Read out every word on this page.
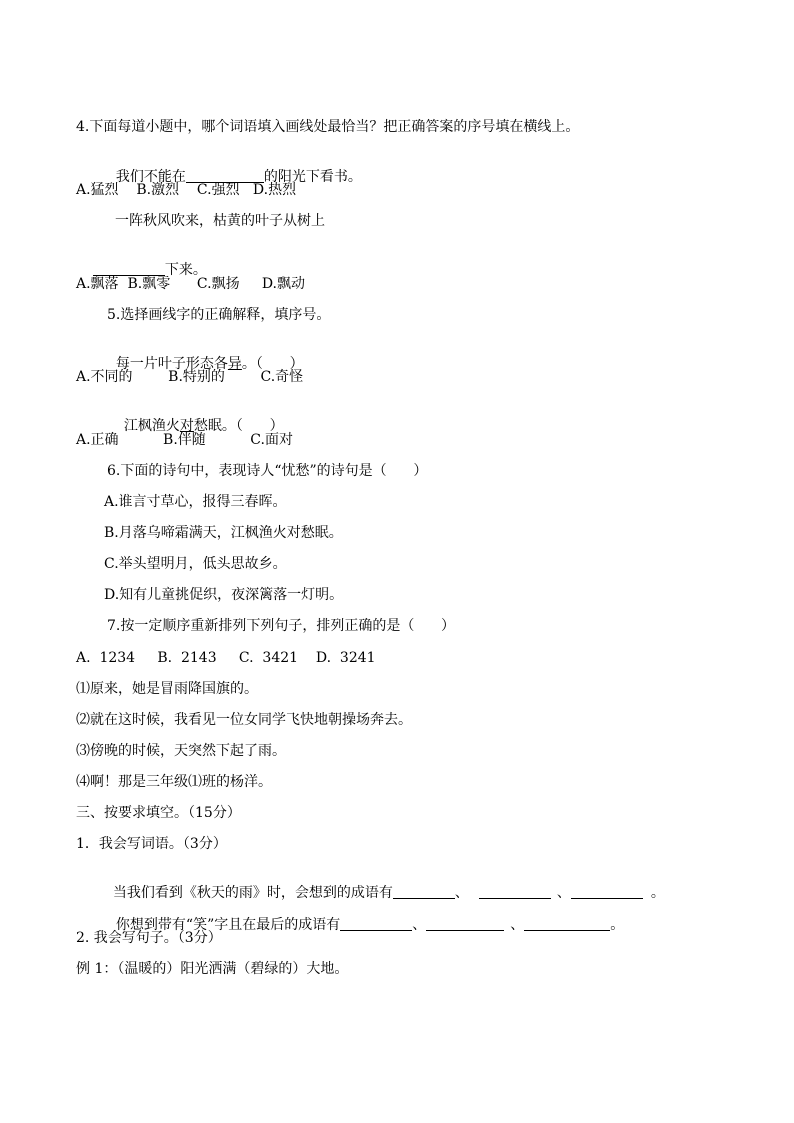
4.下面每道小题中，哪个词语填入画线处最恰当？把正确答案的序号填在横线上。

我们不能在	的阳光下看书。

A.猛烈    B.激烈    C.强烈   D.热烈
一阵秋风吹来，枯黄的叶子从树上

下来。

A.飘落  B.飘零      C.飘扬     D.飘动
5.选择画线字的正确解释，填序号。

每一片叶子形态各异。（      ）

A.不同的        B.特别的        C.奇怪

江枫渔火对愁眠。（      ）

A.正确          B.伴随          C.面对
6.下面的诗句中，表现诗人“忧愁”的诗句是（      ）
A.谁言寸草心，报得三春晖。
B.月落乌啼霜满天，江枫渔火对愁眠。
C.举头望明月，低头思故乡。
D.知有儿童挑促织，夜深篱落一灯明。
7.按一定顺序重新排列下列句子，排列正确的是（      ）
A.  1234     B.  2143     C.  3421    D.  3241
⑴原来，她是冒雨降国旗的。
⑵就在这时候，我看见一位女同学飞快地朝操场奔去。
⑶傍晚的时候，天突然下起了雨。
⑷啊！那是三年级⑴班的杨洋。
三、按要求填空。（15分）
1．我会写词语。（3分）

当我们看到《秋天的雨》时，会想到的成语有	、	、	。

你想到带有“笑”字且在最后的成语有	、	、	。

2. 我会写句子。（3分）
例 1：（温暖的）阳光洒满（碧绿的）大地。
